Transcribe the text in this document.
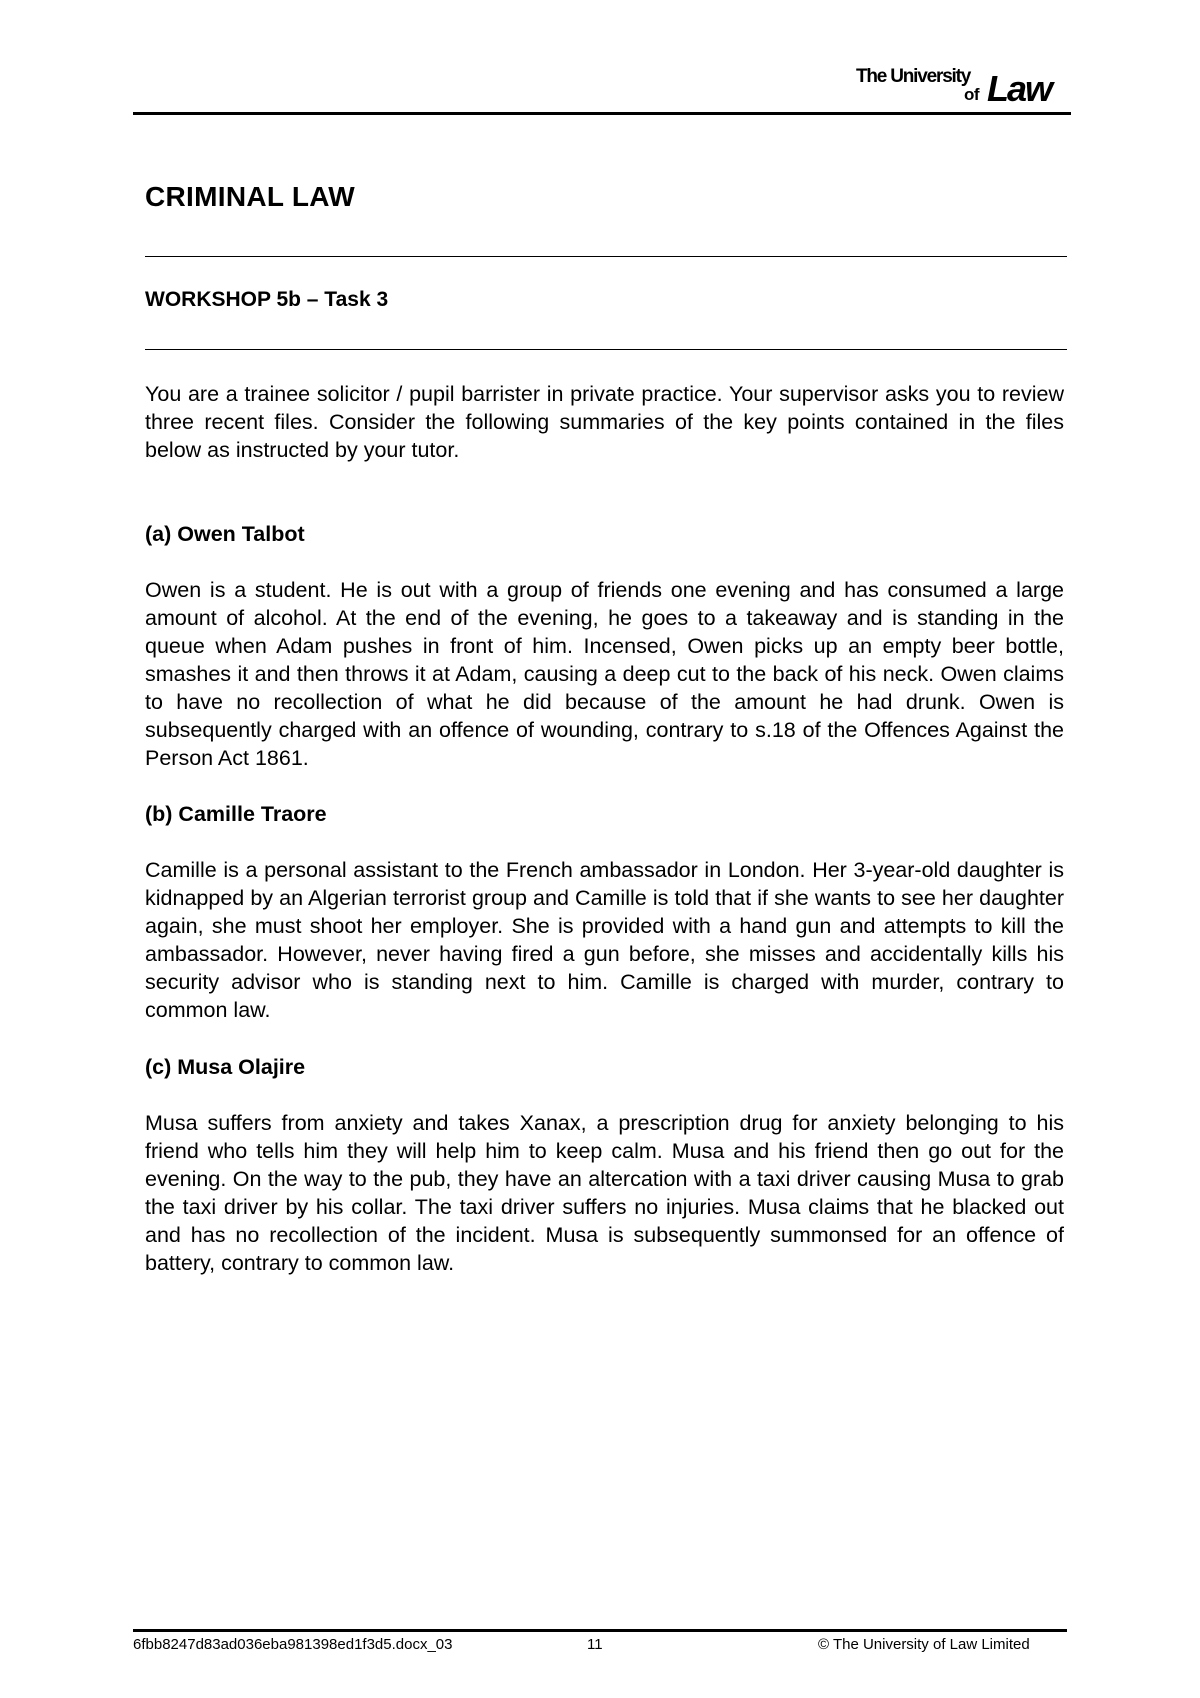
The University
of Law
CRIMINAL LAW
WORKSHOP 5b – Task 3
You are a trainee solicitor / pupil barrister in private practice. Your supervisor asks you to review three recent files. Consider the following summaries of the key points contained in the files below as instructed by your tutor.
(a) Owen Talbot
Owen is a student. He is out with a group of friends one evening and has consumed a large amount of alcohol. At the end of the evening, he goes to a takeaway and is standing in the queue when Adam pushes in front of him. Incensed, Owen picks up an empty beer bottle, smashes it and then throws it at Adam, causing a deep cut to the back of his neck. Owen claims to have no recollection of what he did because of the amount he had drunk. Owen is subsequently charged with an offence of wounding, contrary to s.18 of the Offences Against the Person Act 1861.
(b) Camille Traore
Camille is a personal assistant to the French ambassador in London. Her 3-year-old daughter is kidnapped by an Algerian terrorist group and Camille is told that if she wants to see her daughter again, she must shoot her employer. She is provided with a hand gun and attempts to kill the ambassador. However, never having fired a gun before, she misses and accidentally kills his security advisor who is standing next to him. Camille is charged with murder, contrary to common law.
(c) Musa Olajire
Musa suffers from anxiety and takes Xanax, a prescription drug for anxiety belonging to his friend who tells him they will help him to keep calm. Musa and his friend then go out for the evening. On the way to the pub, they have an altercation with a taxi driver causing Musa to grab the taxi driver by his collar. The taxi driver suffers no injuries. Musa claims that he blacked out and has no recollection of the incident. Musa is subsequently summonsed for an offence of battery, contrary to common law.
6fbb8247d83ad036eba981398ed1f3d5.docx_03	11	© The University of Law Limited
